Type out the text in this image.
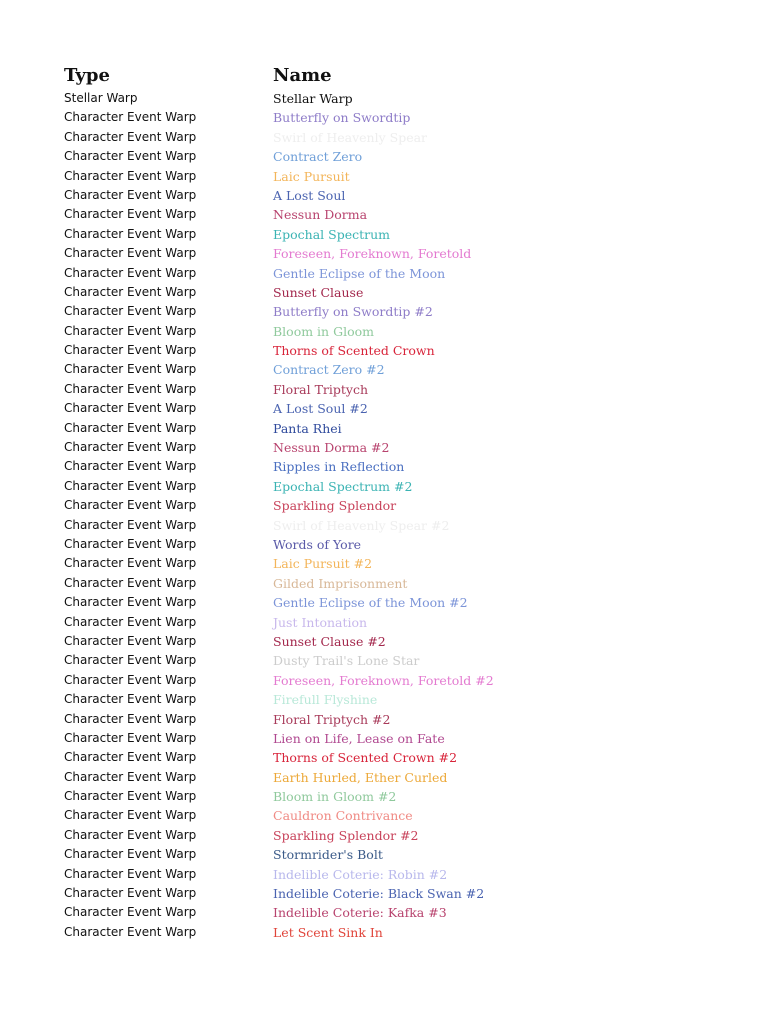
Type	Name
Stellar Warp	Stellar Warp
Character Event Warp	Butterfly on Swordtip
Character Event Warp	Swirl of Heavenly Spear
Character Event Warp	Contract Zero
Character Event Warp	Laic Pursuit
Character Event Warp	A Lost Soul
Character Event Warp	Nessun Dorma
Character Event Warp	Epochal Spectrum
Character Event Warp	Foreseen, Foreknown, Foretold
Character Event Warp	Gentle Eclipse of the Moon
Character Event Warp	Sunset Clause
Character Event Warp	Butterfly on Swordtip #2
Character Event Warp	Bloom in Gloom
Character Event Warp	Thorns of Scented Crown
Character Event Warp	Contract Zero #2
Character Event Warp	Floral Triptych
Character Event Warp	A Lost Soul #2
Character Event Warp	Panta Rhei
Character Event Warp	Nessun Dorma #2
Character Event Warp	Ripples in Reflection
Character Event Warp	Epochal Spectrum #2
Character Event Warp	Sparkling Splendor
Character Event Warp	Swirl of Heavenly Spear #2
Character Event Warp	Words of Yore
Character Event Warp	Laic Pursuit #2
Character Event Warp	Gilded Imprisonment
Character Event Warp	Gentle Eclipse of the Moon #2
Character Event Warp	Just Intonation
Character Event Warp	Sunset Clause #2
Character Event Warp	Dusty Trail's Lone Star
Character Event Warp	Foreseen, Foreknown, Foretold #2
Character Event Warp	Firefull Flyshine
Character Event Warp	Floral Triptych #2
Character Event Warp	Lien on Life, Lease on Fate
Character Event Warp	Thorns of Scented Crown #2
Character Event Warp	Earth Hurled, Ether Curled
Character Event Warp	Bloom in Gloom #2
Character Event Warp	Cauldron Contrivance
Character Event Warp	Sparkling Splendor #2
Character Event Warp	Stormrider's Bolt
Character Event Warp	Indelible Coterie: Robin #2
Character Event Warp	Indelible Coterie: Black Swan #2
Character Event Warp	Indelible Coterie: Kafka #3
Character Event Warp	Let Scent Sink In
